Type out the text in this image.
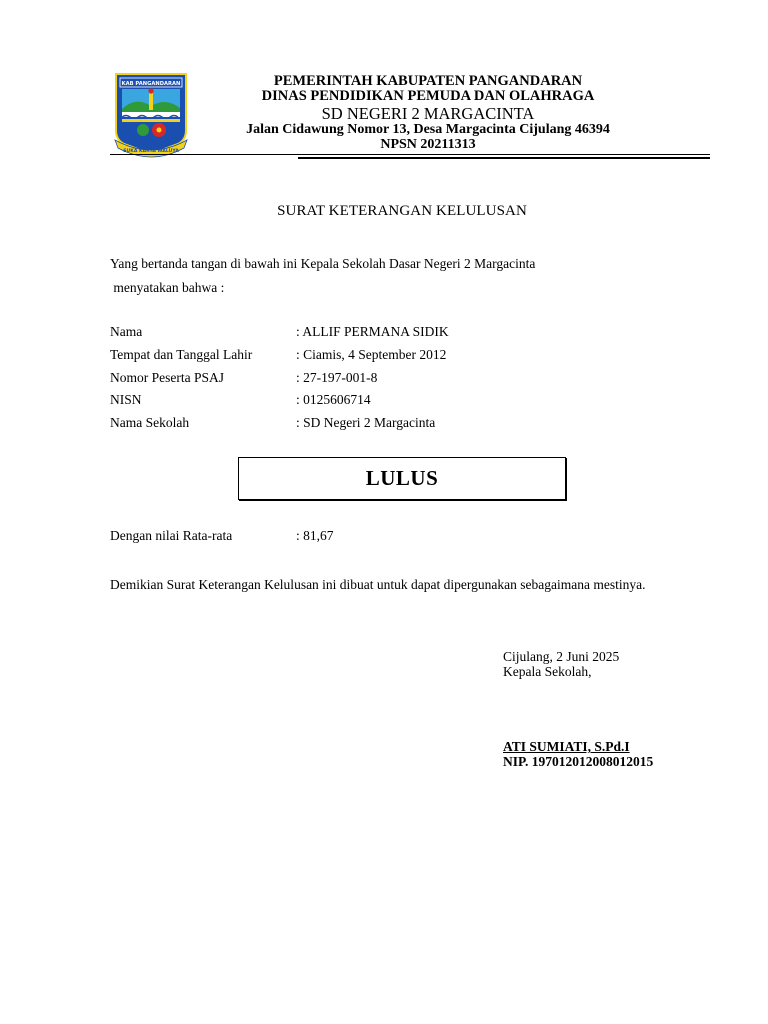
KAB PANGANDARAN
SUKA KARYA WALUYA
PEMERINTAH KABUPATEN PANGANDARAN
DINAS PENDIDIKAN PEMUDA DAN OLAHRAGA
SD NEGERI 2 MARGACINTA
Jalan Cidawung Nomor 13, Desa Margacinta Cijulang 46394
NPSN 20211313
SURAT KETERANGAN KELULUSAN
Yang bertanda tangan di bawah ini Kepala Sekolah Dasar Negeri 2 Margacinta
menyatakan bahwa :
Nama	: ALLIF PERMANA SIDIK
Tempat dan Tanggal Lahir	: Ciamis, 4 September 2012
Nomor Peserta PSAJ	: 27-197-001-8
NISN	: 0125606714
Nama Sekolah	: SD Negeri 2 Margacinta
LULUS
Dengan nilai Rata-rata	: 81,67
Demikian Surat Keterangan Kelulusan ini dibuat untuk dapat dipergunakan sebagaimana mestinya.
Cijulang, 2 Juni 2025
Kepala Sekolah,
ATI SUMIATI, S.Pd.I
NIP. 197012012008012015
